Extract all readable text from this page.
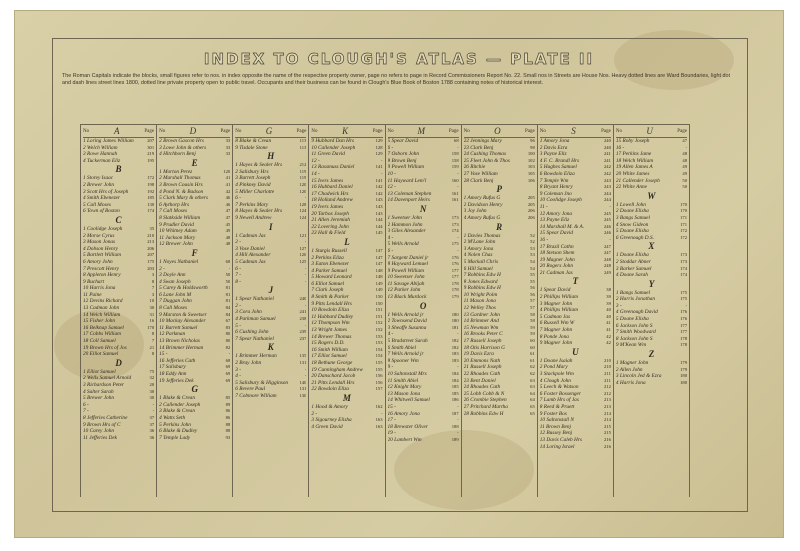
INDEX TO CLOUGH'S ATLAS — PLATE II
The Roman Capitals indicate the blocks, small figures refer to nos. in index opposite the name of the respective property owner, page no refers to page in Record Commissioners Report No. 22. Small nos in Streets are House Nos. Heavy dotted lines are Ward Boundaries, light dot and dash lines street lines 1800, dotted line private property open to public travel. Occupants and their business can be found in Clough's Blue Book of Boston 1788 containing notes of historical interest.
No	A	Page
1 Loring James William	207
2 Welch William	301
3 Rowe Hannah	219
4 Tuckerman Eliz	195
B
1 Storey Isaac	172
2 Brewer John	198
3 Scott Hrs of Joseph	192
4 Smith Ebenezer	185
5 Call Moses	130
6 Town of Boston	174
C
1 Coolidge Joseph	35
2 Morse Cyrus	210
3 Mason Jonas	213
4 Dobson Henry	206
5 Bartlett William	207
6 Amory John	175
7 Prescott Henry	203
8 Appleton Henry	3
9 Buchart	8
10 Harris Jona	7
11 Paine	3
12 Devins Richard	10
13 Cadman John	30
14 Welch William	31
15 Fisher John	16
16 Belknap Samuel	170
17 Cobbs William	8
18 Coll Samuel	7
19 Brown Hrs of Jos	21
20 Elliot Samuel	8
D
1 Elliot Samuel	75
2 Wells Samuel Arnold	32
3 Richardson Peter	20
4 Salter Sarah	30
5 Brewer John	30
6 -	-
7 -	-
8 Jefferies Catherine	37
9 Brown Hrs of C	37
10 Carey John	36
11 Jefferies Dek	36
No	D	Page
2 Brown Gascon Hrs	33
3 Lowe John & others	33
4 Hitchborn Benj	33
E
1 Morton Perez	120
2 Marshall Thomas	41
3 Brown Cousin Hrs	41
4 Pond N. & Badson	42
5 Clark Mary & others	46
6 Aythorp Hrs	46
7 Call Moses	47
8 Slatkside William	47
9 Prudler David	45
10 Whitney Adam	49
11 Jackson Mary	48
12 Brewer John	48
F
1 Noyes Nathaniel	68
2 -	-
3 Doyle Ann	50
4 Swan Joseph	50
5 Carey & Holdsworth	81
6 Lane John M	81
7 Duggan John	81
8 Call Moses	84
9 Marston & Sweetser	84
10 Mackay Alexander	67
11 Barrett Samuel	83
12 Parkman	80
13 Brown Nicholas	80
14 Brimmer Herman	82
15 -	-
16 Jefferies Cath	68
17 Salisbury	69
18 Eddy Ann	69
19 Jefferies Dek	69
G
1 Blake & Crean	85
2 Callender Joseph	89
3 Blake & Crean	86
4 Watts Seth	86
5 Perkins John	88
6 Blake & Dudley	88
7 Temple Lady	93
No	G	Page
8 Blake & Crean	113
9 Tisdale Stone	113
H
1 Hayes & Sealer Hrs	212
2 Salisbury Hrs	119
3 Barrett Joseph	119
4 Pinkney David	120
5 Miller Charlotte	120
6 -	-
7 Perkins Mary	128
8 Hayes & Sealer Hrs	124
9 Newell Andrew	124
I
1 Cadman Jas	121
2 -	-
3 Vose Daniel	127
4 Hill Alexander	126
5 Cadman Jas	125
6 -	-
7 -	-
8 -	-
J
1 Spear Nathaniel	240
2 -	-
3 Cora John	241
4 Parkman Samuel	238
5 -	-
6 Cushing John	239
7 Spear Nathaniel	237
K
1 Brimmer Herman	135
2 Bray John	131
3 -	-
4 -	-
5 Salisbury & Higginson 140
6 Revere Paul	131
7 Cobmore William	130
No	K	Page
9 Hubbard Dan Hrs	129
10 Callender Joseph	128
11 Green David	129
12 -	-
13 Rassmuss Daniel	141
14 -	-
15 Ivers James	141
16 Hubbard Daniel	142
17 Chadwick Hrs	142
18 Holland Andrew	143
19 Ivers James	143
20 Tarbox Joseph	143
21 Allen Jeremiah	144
22 Lovering John	144
23 Hall & Field	145
L
1 Sturgis Russell	147
2 Perkins Eliza	147
3 Eaton Ebenezer	147
4 Parker Samuel	148
5 Howard Leonard	148
6 Elliot Samuel	149
7 Clark Joseph	149
8 Smith & Parker	150
9 Pitts Lendall Hrs	150
10 Bowdoin Eliza	151
11 Hubbard Dudley	151
12 Thompson Wm	152
13 Wright James	152
14 Brewer Thomas	153
15 Rogers D.D.	153
16 Smith William	154
17 Elliot Samuel	154
18 Bethune George	155
19 Cunningham Andrew	155
20 Danschard Jacob	156
21 Pitts Lendall Hrs	156
22 Bowdoin Eliza	157
M
1 Hood & Amory	162
2 -	-
3 Sigourney Elisha	163
4 Green David	163
No	M	Page
5 Spear David	68
6 -	-
7 Osborn John	158
8 Brown Benj	158
9 Powell William	159
10 -	-
11 Hayward Lem'l	160
12 -	-
13 Coleman Stephen	161
14 Davenport Heirs	161
N
1 Sweetser John	173
2 Hammon John	173
3 Giles Alexander	174
4 -	-
5 Wells Arnold	175
6 -	-
7 Sargent Daniel jr	176
8 Hayward Lemuel	176
9 Powell William	177
10 Sweetser John	177
11 Savage Abijah	178
12 Parker John	178
13 Black Murdock	179
O
1 Wells Arnold jr	180
2 Townsend David	180
3 Sheaffe Susanna	181
4 -	-
5 Bradstreet Sarah	182
6 Smith Abiel	182
7 Wells Arnold jr	183
8 Spooner Wm	183
9 -	-
10 Saltonstall Mrs	184
11 Smith Abiel	184
12 Knight Mary	185
13 Mason Jona	185
14 Whitwell Samuel	186
15 -	-
16 Amory Jona	187
17 -	-
18 Brewster Oliver	188
19 -	-
20 Lambert Wm	189
No	O	Page
22 Jennings Mary	96
23 Clark Benj	98
24 Cushing Thomas	100
25 Fleet John & Thos	102
26 Ritchie	103
27 Vose William	105
28 Clark Benj	106
P
1 Amory Rufus G	205
2 Davidson Henry	205
3 Joy John	206
4 Amory Rufus G	206
R
1 Davies Thomas	52
2 M'Lane John	52
3 Amory Jona	53
4 Nolen Chas	53
5 Mackall Chris	54
6 Hill Samuel	54
7 Robbins Edw H	55
8 Jones Edward	55
9 Robbins Edw H	56
10 Wright Polm	56
11 Mason Jona	57
12 Welley Thos	57
13 Gardner John	58
14 Brimmer And	58
15 Newman Wm	59
16 Brooks Peter C	59
17 Russell Joseph	60
18 Otis Harrison G	60
19 Davis Ezra	61
20 Emmons Nath	61
21 Russell Joseph	62
22 Rhoades Cath	62
23 Bent Daniel	63
24 Rhoades Cath	63
25 Lobb Cobb & N	64
26 Crombie Stephen	64
27 Pritchard Martha	65
28 Robbins Edw H	65
No	S	Page
1 Amory Jona	240
2 Davis Ezra	240
3 Payne Eliz	241
4 F. C. Brandl Hrs	241
5 Hughes Samuel	242
6 Bowdoin Eliza	242
7 Temple Wm	243
8 Bryant Henry	243
9 Coleman Jno	244
10 Coolidge Joseph	244
11 -	-
12 Amory Jona	245
13 Payne Eliz	245
14 Marshall M. & A.	246
15 Spear David	246
16 -	-
17 Brazil Cathn	247
18 Stetson Shem	247
19 Magner John	248
20 Rogers John	248
21 Cadman Jas	249
T
1 Spear David	38
2 Phillips William	39
3 Magner John	39
4 Phillips William	40
5 Cadman Jas	40
6 Russell Wm W	41
7 Magner John	41
8 Ponde Jona	42
9 Magner John	42
U
1 Doane Isaiah	210
2 Pond Mary	210
3 Stackpole Wm	211
4 Clough John	211
5 Leech & Watson	212
6 Foster Bossenger	212
7 Lamb Hrs of Jas	213
8 Reed & Pruett	213
9 Foster Bos	214
10 Saltonstall N	214
11 Brown Benj	215
12 Bussey Benj	215
13 Davis Caleb Hrs	216
14 Loring Israel	216
No	U	Page
15 Roby Joseph	47
16 -	-
17 Perkins Jame	48
18 Welch William	48
19 Allen James A	49
20 White James	49
21 Callender Joseph	50
22 White Anne	50
W
1 Lowell John	170
2 Doane Elisha	170
3 Bangs Samuel	171
4 Snow Gideon	171
5 Doane Elisha	172
6 Greenough D.S.	172
X
1 Doane Elisha	173
2 Stoddar Abner	173
3 Barker Samuel	174
4 Doane Sarah	174
Y
1 Bangs Samuel	175
2 Harris Jonathan	175
3 -	-
4 Greenough David	176
5 Doane Elisha	176
6 Jackson John S	177
7 Smith Woodward	177
8 Jackson John S	178
9 M'Kean Wm	178
Z
1 Magner John	179
2 Allen John	179
3 Lincoln Jed & Ezra	180
4 Harris Jona	180
